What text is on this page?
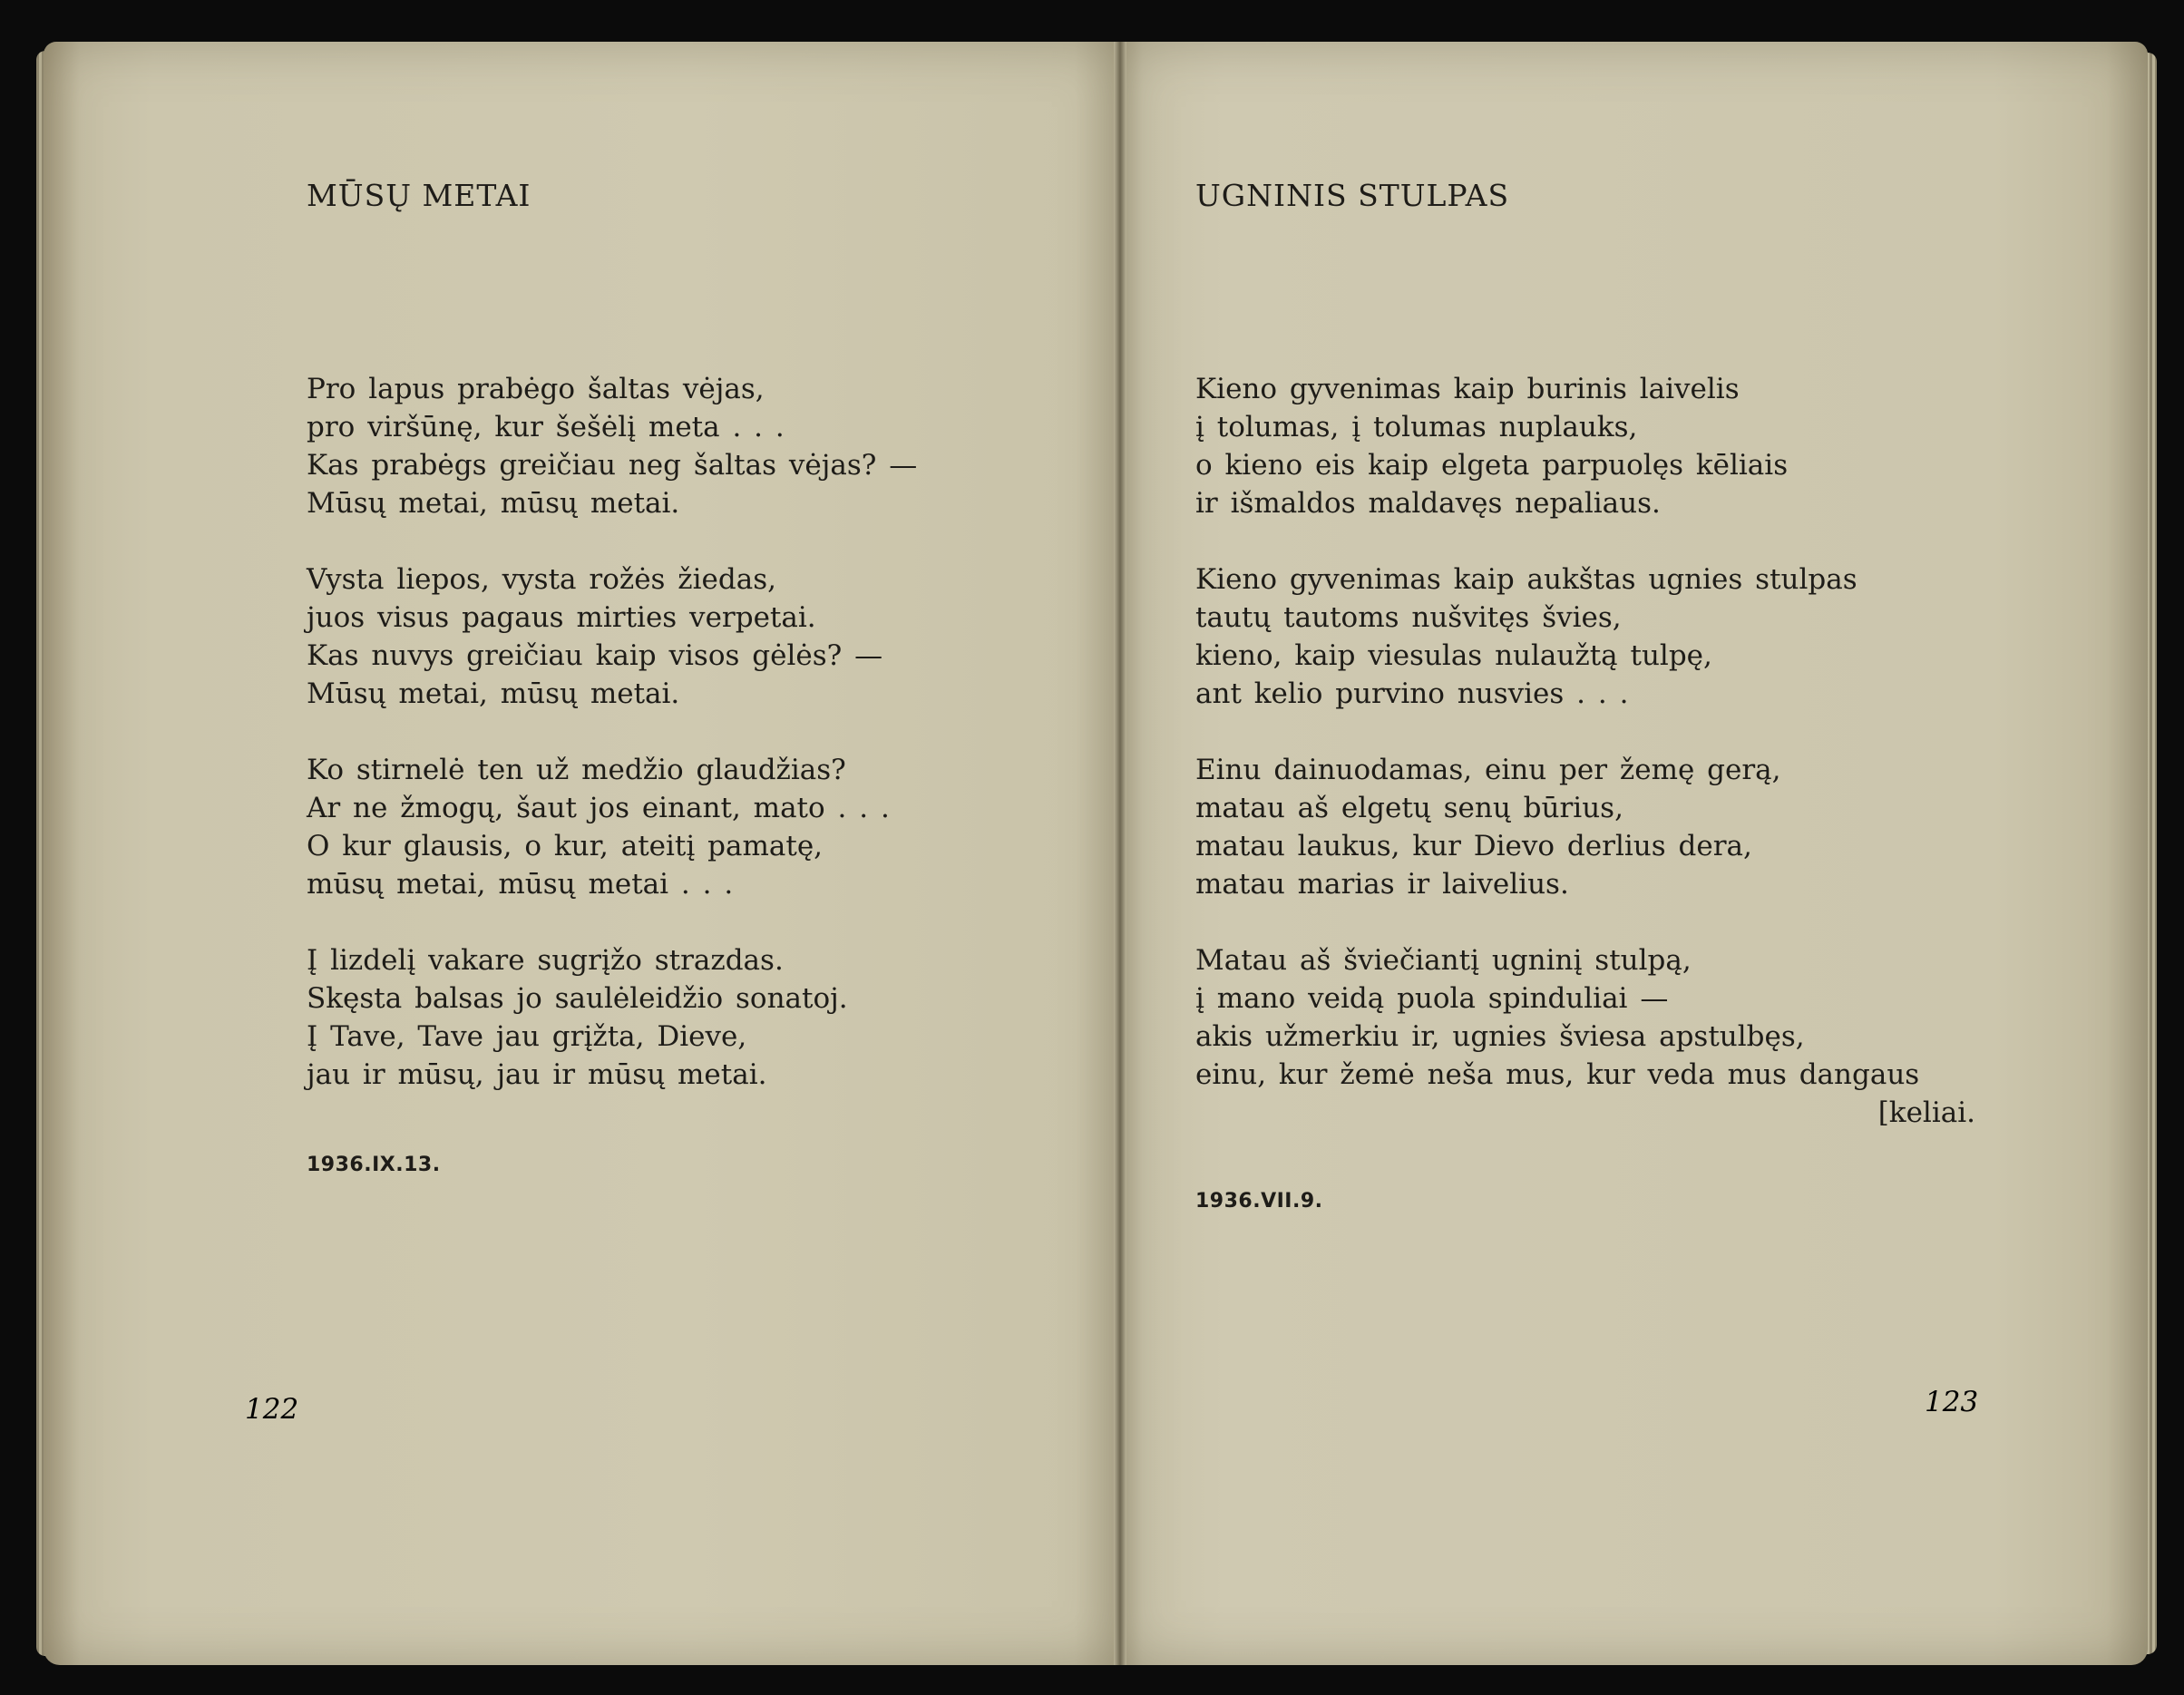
MŪSŲ METAI
Pro lapus prabėgo šaltas vėjas,
pro viršūnę, kur šešėlį meta . . .
Kas prabėgs greičiau neg šaltas vėjas? —
Mūsų metai, mūsų metai.
Vysta liepos, vysta rožės žiedas,
juos visus pagaus mirties verpetai.
Kas nuvys greičiau kaip visos gėlės? —
Mūsų metai, mūsų metai.
Ko stirnelė ten už medžio glaudžias?
Ar ne žmogų, šaut jos einant, mato . . .
O kur glausis, o kur, ateitį pamatę,
mūsų metai, mūsų metai . . .
Į lizdelį vakare sugrįžo strazdas.
Skęsta balsas jo saulėleidžio sonatoj.
Į Tave, Tave jau grįžta, Dieve,
jau ir mūsų, jau ir mūsų metai.
1936.IX.13.
122
UGNINIS STULPAS
Kieno gyvenimas kaip burinis laivelis
į tolumas, į tolumas nuplauks,
o kieno eis kaip elgeta parpuolęs kēliais
ir išmaldos maldavęs nepaliaus.
Kieno gyvenimas kaip aukštas ugnies stulpas
tautų tautoms nušvitęs švies,
kieno, kaip viesulas nulaužtą tulpę,
ant kelio purvino nusvies . . .
Einu dainuodamas, einu per žemę gerą,
matau aš elgetų senų būrius,
matau laukus, kur Dievo derlius dera,
matau marias ir laivelius.
Matau aš šviečiantį ugninį stulpą,
į mano veidą puola spinduliai —
akis užmerkiu ir, ugnies šviesa apstulbęs,
einu, kur žemė neša mus, kur veda mus dangaus
[keliai.
1936.VII.9.
123
